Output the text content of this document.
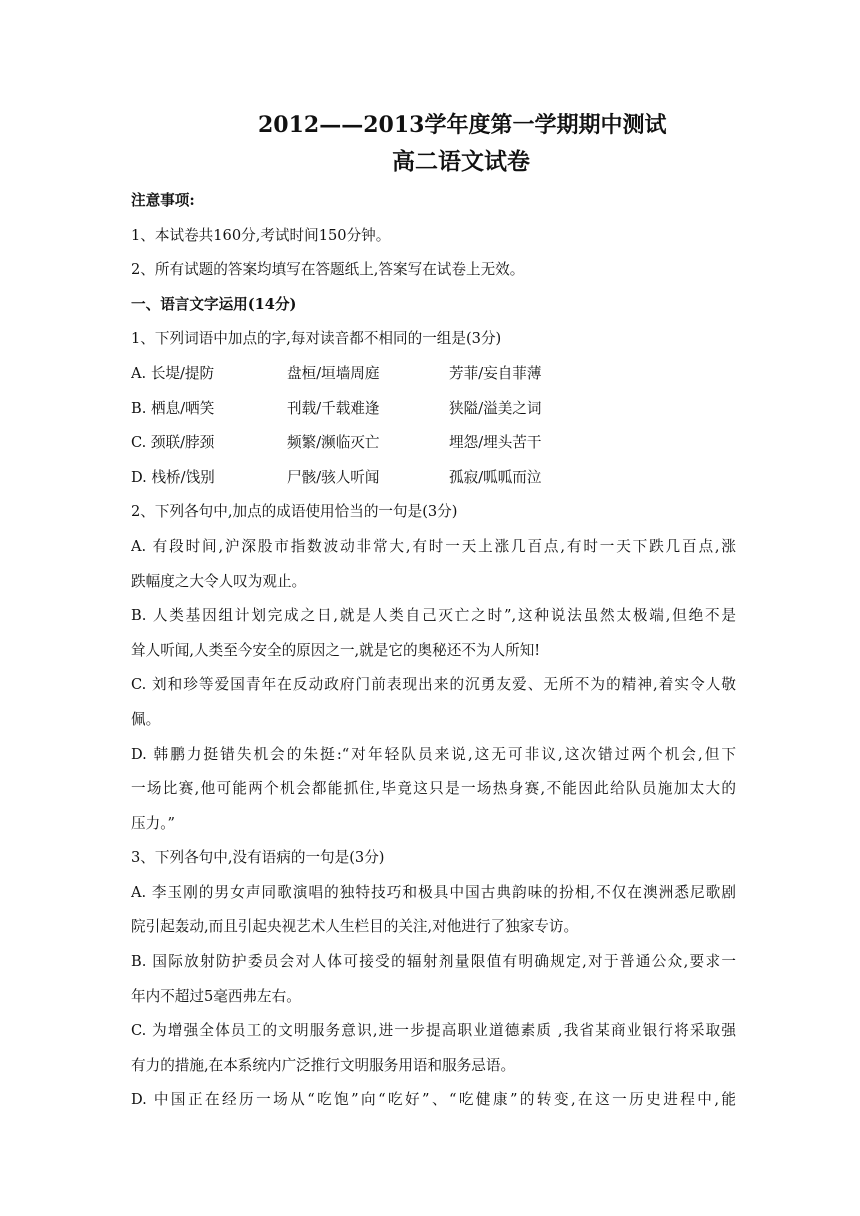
2012——2013学年度第一学期期中测试
高二语文试卷
注意事项:
1、本试卷共160分,考试时间150分钟。
2、所有试题的答案均填写在答题纸上,答案写在试卷上无效。
一、语言文字运用(14分)
1、下列词语中加点的字,每对读音都不相同的一组是(3分)
A. 长堤/提防	盘桓/垣墙周庭	芳菲/妄自菲薄
B. 栖息/哂笑	刊载/千载难逢	狭隘/溢美之词
C. 颈联/脖颈	频繁/濒临灭亡	埋怨/埋头苦干
D. 栈桥/饯别	尸骸/骇人听闻	孤寂/呱呱而泣
2、下列各句中,加点的成语使用恰当的一句是(3分)
A. 有段时间,沪深股市指数波动非常大,有时一天上涨几百点,有时一天下跌几百点,涨
跌幅度之大令人叹为观止。
B. 人类基因组计划完成之日,就是人类自己灭亡之时”,这种说法虽然太极端,但绝不是
耸人听闻,人类至今安全的原因之一,就是它的奥秘还不为人所知!
C. 刘和珍等爱国青年在反动政府门前表现出来的沉勇友爱、无所不为的精神,着实令人敬
佩。
D. 韩鹏力挺错失机会的朱挺:“对年轻队员来说,这无可非议,这次错过两个机会,但下
一场比赛,他可能两个机会都能抓住,毕竟这只是一场热身赛,不能因此给队员施加太大的
压力。”
3、下列各句中,没有语病的一句是(3分)
A. 李玉刚的男女声同歌演唱的独特技巧和极具中国古典韵味的扮相,不仅在澳洲悉尼歌剧
院引起轰动,而且引起央视艺术人生栏目的关注,对他进行了独家专访。
B. 国际放射防护委员会对人体可接受的辐射剂量限值有明确规定,对于普通公众,要求一
年内不超过5毫西弗左右。
C. 为增强全体员工的文明服务意识,进一步提高职业道德素质 ,我省某商业银行将采取强
有力的措施,在本系统内广泛推行文明服务用语和服务忌语。
D. 中国正在经历一场从“吃饱”向“吃好”、“吃健康”的转变,在这一历史进程中,能
